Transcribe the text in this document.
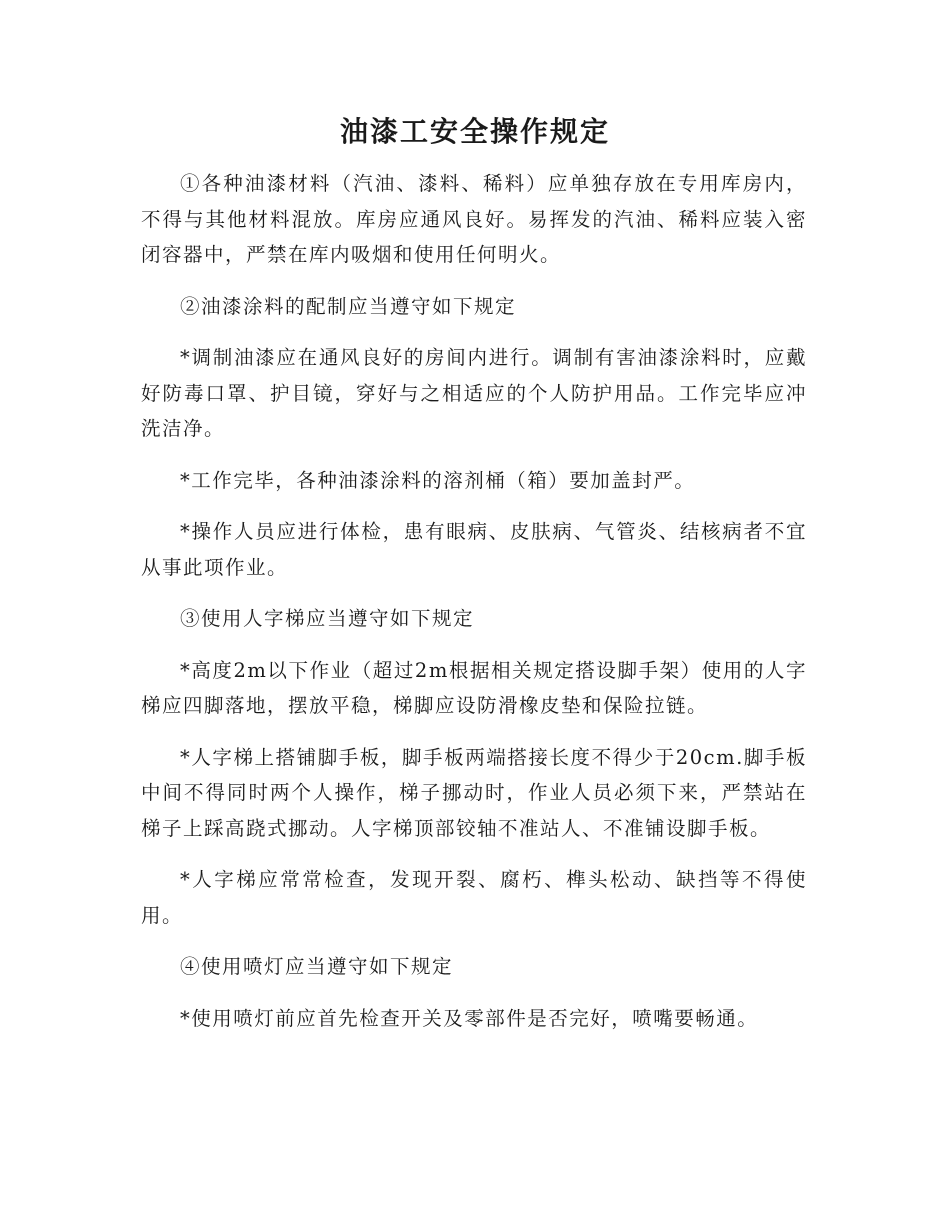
油漆工安全操作规定

①各种油漆材料（汽油、漆料、稀料）应单独存放在专用库房内，不得与其他材料混放。库房应通风良好。易挥发的汽油、稀料应装入密闭容器中，严禁在库内吸烟和使用任何明火。

②油漆涂料的配制应当遵守如下规定

*调制油漆应在通风良好的房间内进行。调制有害油漆涂料时，应戴好防毒口罩、护目镜，穿好与之相适应的个人防护用品。工作完毕应冲洗洁净。

*工作完毕，各种油漆涂料的溶剂桶（箱）要加盖封严。

*操作人员应进行体检，患有眼病、皮肤病、气管炎、结核病者不宜从事此项作业。

③使用人字梯应当遵守如下规定

*高度2m以下作业（超过2m根据相关规定搭设脚手架）使用的人字梯应四脚落地，摆放平稳，梯脚应设防滑橡皮垫和保险拉链。

*人字梯上搭铺脚手板，脚手板两端搭接长度不得少于20cm.脚手板中间不得同时两个人操作，梯子挪动时，作业人员必须下来，严禁站在梯子上踩高跷式挪动。人字梯顶部铰轴不准站人、不准铺设脚手板。

*人字梯应常常检查，发现开裂、腐朽、榫头松动、缺挡等不得使用。

④使用喷灯应当遵守如下规定

*使用喷灯前应首先检查开关及零部件是否完好，喷嘴要畅通。
